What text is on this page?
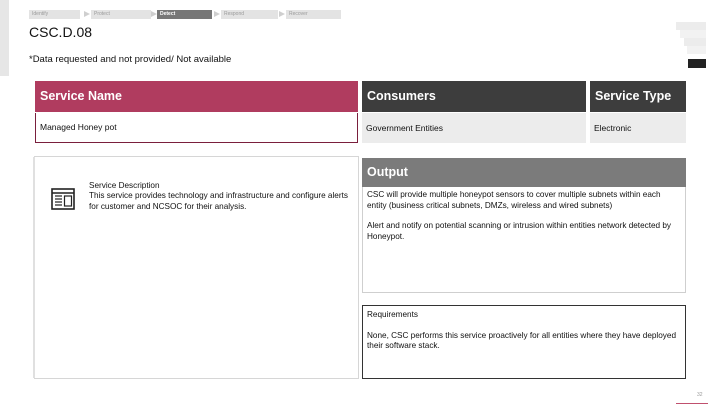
Identify	Protect	Detect	Respond	Recover
CSC.D.08
*Data requested and not provided/ Not available
Service Name	Consumers	Service Type
Managed Honey pot	Government Entities	Electronic
Service Description
This service provides technology and infrastructure and configure alerts for customer and NCSOC for their analysis.
Output

CSC will provide multiple honeypot sensors to cover multiple subnets within each entity (business critical subnets, DMZs, wireless and wired subnets)

Alert and notify on potential scanning or intrusion within entities network detected by Honeypot.

Requirements
None, CSC performs this service proactively for all entities where they have deployed their software stack.
32
